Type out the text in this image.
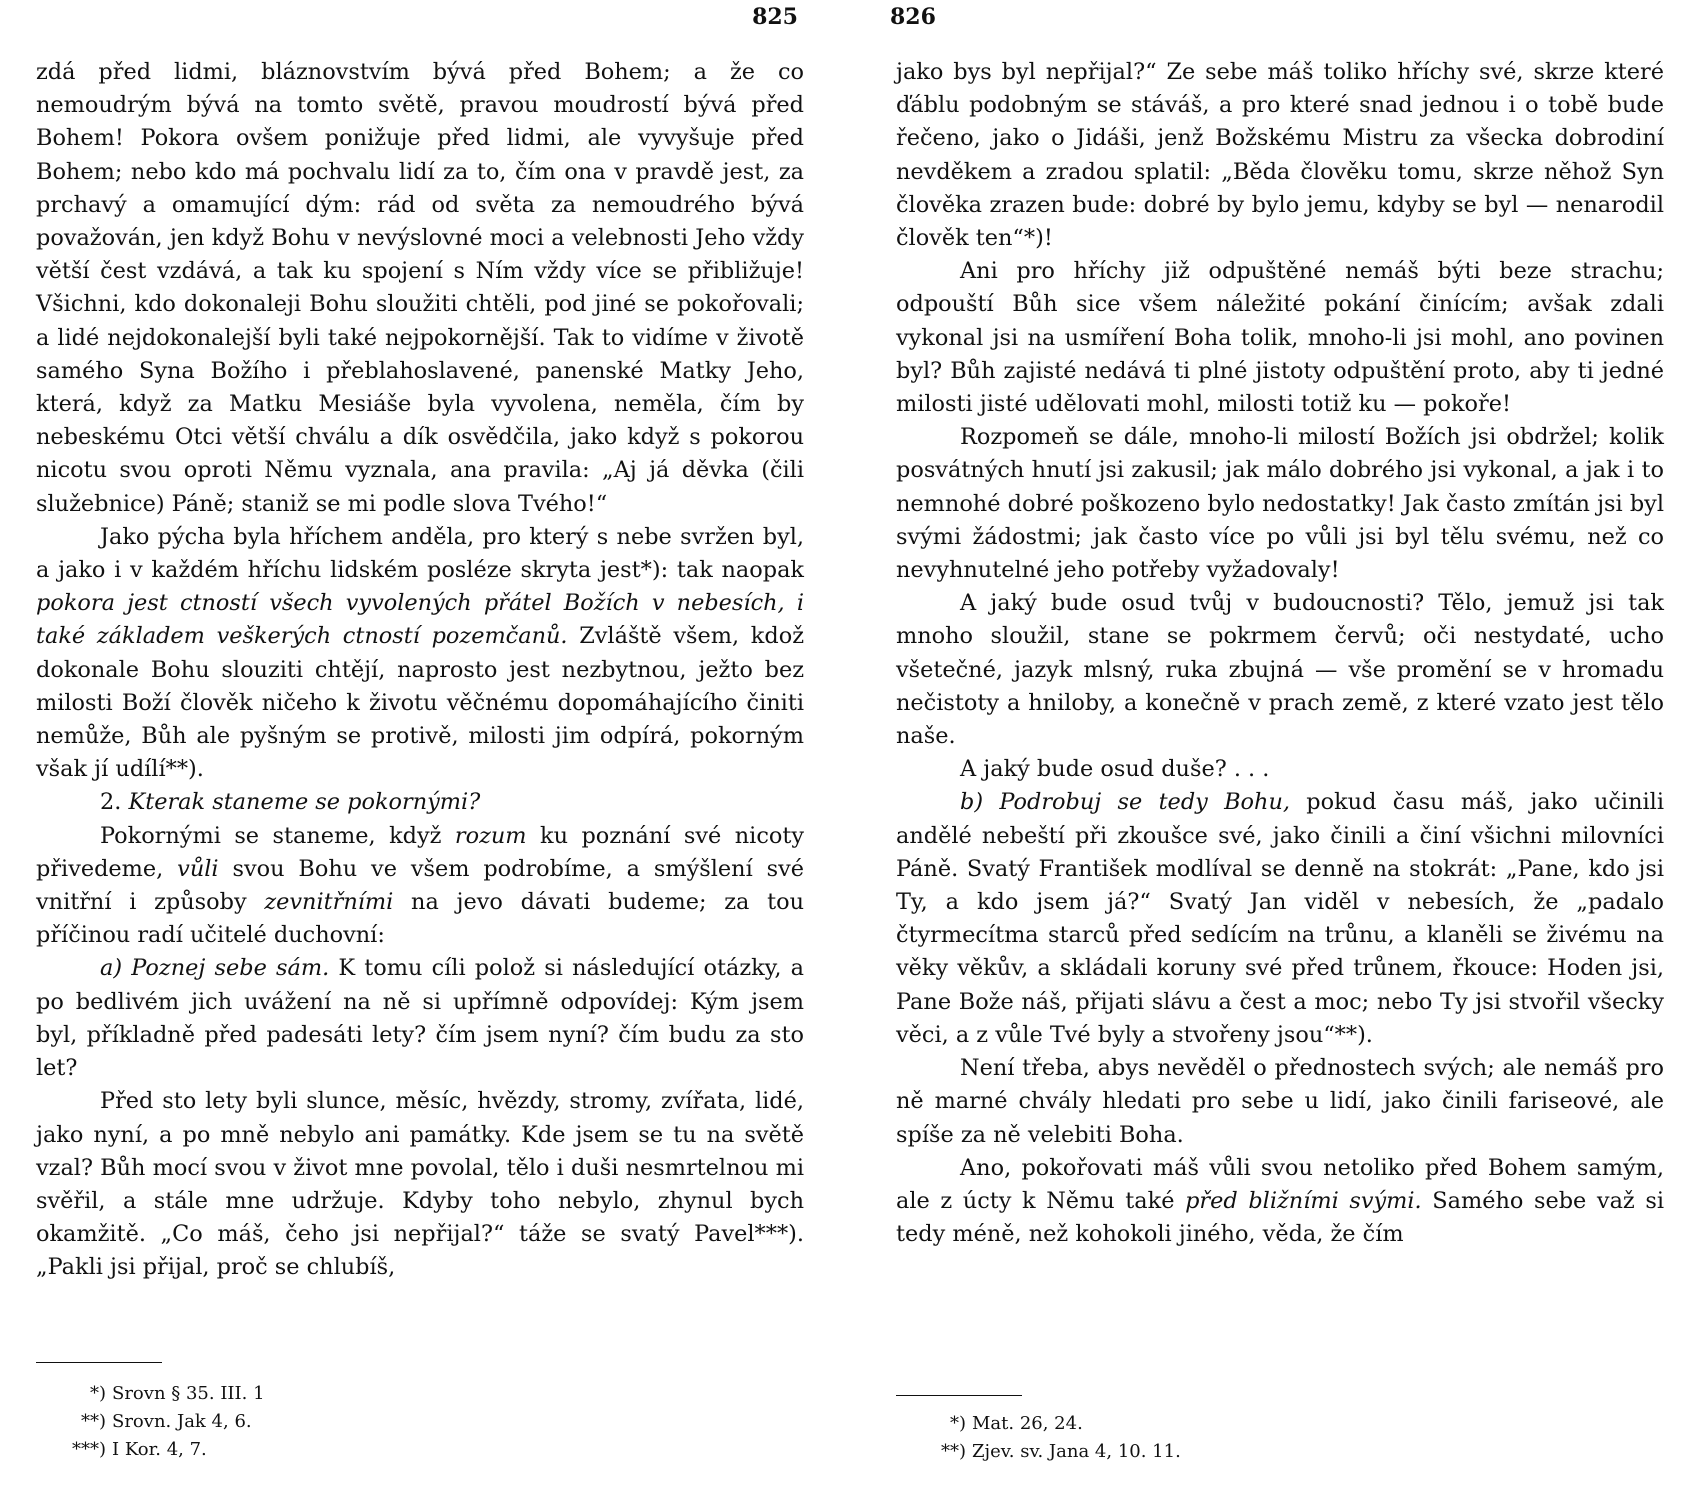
825

zdá před lidmi, bláznovstvím bývá před Bohem; a že co nemoudrým bývá na tomto světě, pravou moudrostí bývá před Bohem! Pokora ovšem ponižuje před lidmi, ale vyvyšuje před Bohem; nebo kdo má pochvalu lidí za to, čím ona v pravdě jest, za prchavý a omamující dým: rád od světa za nemoudrého bývá považován, jen když Bohu v nevýslovné moci a velebnosti Jeho vždy větší čest vzdává, a tak ku spojení s Ním vždy více se přibližuje! Všichni, kdo dokonaleji Bohu sloužiti chtěli, pod jiné se pokořovali; a lidé nejdokonalejší byli také nejpokornější. Tak to vidíme v životě samého Syna Božího i přeblahoslavené, panenské Matky Jeho, která, když za Matku Mesiáše byla vyvolena, neměla, čím by nebeskému Otci větší chválu a dík osvědčila, jako když s pokorou nicotu svou oproti Němu vyznala, ana pravila: „Aj já děvka (čili služebnice) Páně; staniž se mi podle slova Tvého!“

Jako pýcha byla hříchem anděla, pro který s nebe svržen byl, a jako i v každém hříchu lidském posléze skryta jest*): tak naopak pokora jest ctností všech vyvolených přátel Božích v nebesích, i také základem veškerých ctností pozemčanů. Zvláště všem, kdož dokonale Bohu slouziti chtějí, naprosto jest nezbytnou, ježto bez milosti Boží člověk ničeho k životu věčnému dopomáhajícího činiti nemůže, Bůh ale pyšným se protivě, milosti jim odpírá, pokorným však jí udílí**).

2. Kterak staneme se pokornými?

Pokornými se staneme, když rozum ku poznání své nicoty přivedeme, vůli svou Bohu ve všem podrobíme, a smýšlení své vnitřní i způsoby zevnitřními na jevo dávati budeme; za tou příčinou radí učitelé duchovní:

a) Poznej sebe sám. K tomu cíli polož si následující otázky, a po bedlivém jich uvážení na ně si upřímně odpovídej: Kým jsem byl, příkladně před padesáti lety? čím jsem nyní? čím budu za sto let?

Před sto lety byli slunce, měsíc, hvězdy, stromy, zvířata, lidé, jako nyní, a po mně nebylo ani památky. Kde jsem se tu na světě vzal? Bůh mocí svou v život mne povolal, tělo i duši nesmrtelnou mi svěřil, a stále mne udržuje. Kdyby toho nebylo, zhynul bych okamžitě. „Co máš, čeho jsi nepřijal?“ táže se svatý Pavel***). „Pakli jsi přijal, proč se chlubíš,

*) Srovn § 35. III. 1
**) Srovn. Jak 4, 6.
***) I Kor. 4, 7.
826

jako bys byl nepřijal?“ Ze sebe máš toliko hříchy své, skrze které ďáblu podobným se stáváš, a pro které snad jednou i o tobě bude řečeno, jako o Jidáši, jenž Božskému Mistru za všecka dobrodiní nevděkem a zradou splatil: „Běda člověku tomu, skrze něhož Syn člověka zrazen bude: dobré by bylo jemu, kdyby se byl — nenarodil člověk ten“*)!

Ani pro hříchy již odpuštěné nemáš býti beze strachu; odpouští Bůh sice všem náležité pokání činícím; avšak zdali vykonal jsi na usmíření Boha tolik, mnoho-li jsi mohl, ano povinen byl? Bůh zajisté nedává ti plné jistoty odpuštění proto, aby ti jedné milosti jisté udělovati mohl, milosti totiž ku — pokoře!

Rozpomeň se dále, mnoho-li milostí Božích jsi obdržel; kolik posvátných hnutí jsi zakusil; jak málo dobrého jsi vykonal, a jak i to nemnohé dobré poškozeno bylo nedostatky! Jak často zmítán jsi byl svými žádostmi; jak často více po vůli jsi byl tělu svému, než co nevyhnutelné jeho potřeby vyžadovaly!

A jaký bude osud tvůj v budoucnosti? Tělo, jemuž jsi tak mnoho sloužil, stane se pokrmem červů; oči nestydaté, ucho všetečné, jazyk mlsný, ruka zbujná — vše promění se v hromadu nečistoty a hniloby, a konečně v prach země, z které vzato jest tělo naše.

A jaký bude osud duše? . . .

b) Podrobuj se tedy Bohu, pokud času máš, jako učinili andělé nebeští při zkoušce své, jako činili a činí všichni milovníci Páně. Svatý František modlíval se denně na stokrát: „Pane, kdo jsi Ty, a kdo jsem já?“ Svatý Jan viděl v nebesích, že „padalo čtyrmecítma starců před sedícím na trůnu, a klaněli se živému na věky věkův, a skládali koruny své před trůnem, řkouce: Hoden jsi, Pane Bože náš, přijati slávu a čest a moc; nebo Ty jsi stvořil všecky věci, a z vůle Tvé byly a stvořeny jsou“**).

Není třeba, abys nevěděl o přednostech svých; ale nemáš pro ně marné chvály hledati pro sebe u lidí, jako činili fariseové, ale spíše za ně velebiti Boha.

Ano, pokořovati máš vůli svou netoliko před Bohem samým, ale z úcty k Němu také před bližními svými. Samého sebe važ si tedy méně, než kohokoli jiného, věda, že čím

*) Mat. 26, 24.
**) Zjev. sv. Jana 4, 10. 11.
